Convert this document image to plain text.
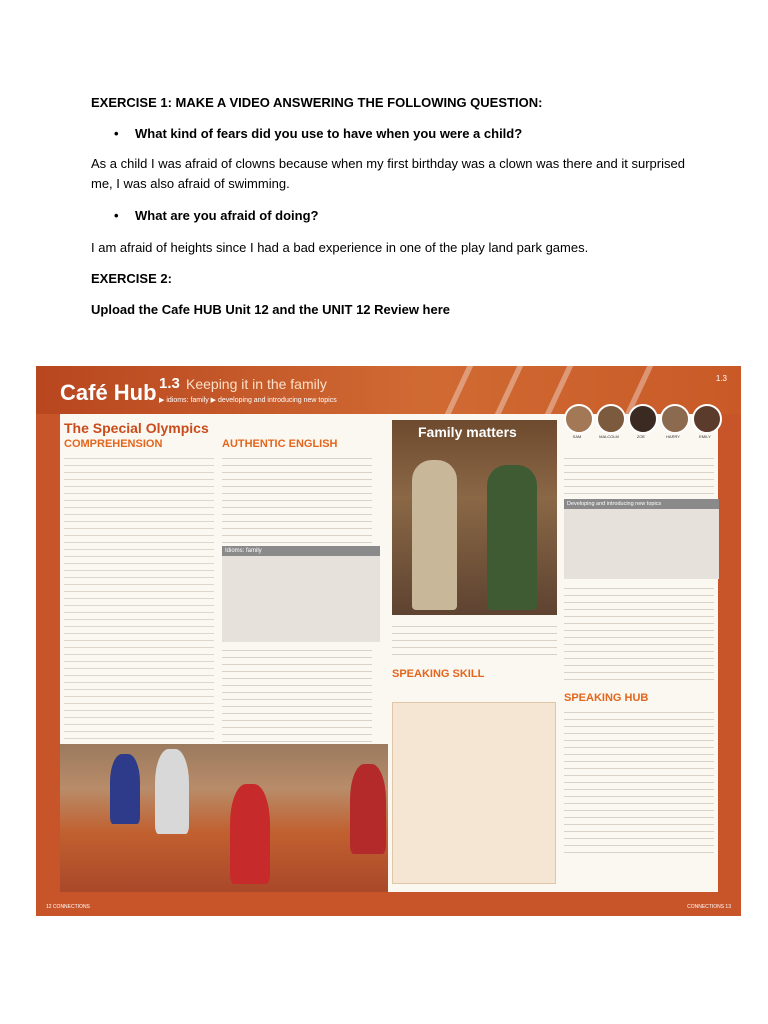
EXERCISE 1: MAKE A VIDEO ANSWERING THE FOLLOWING QUESTION:

•	What kind of fears did you use to have when you were a child?

As a child I was afraid of clowns because when my first birthday was a clown was there and it surprised me, I was also afraid of swimming.

•	What are you afraid of doing?

I am afraid of heights since I had a bad experience in one of the play land park games.

EXERCISE 2:

Upload the Cafe HUB Unit 12 and the UNIT 12 Review here

Café Hub 1.3 Keeping it in the family
▶ idioms: family ▶ developing and introducing new topics
1.3
The Special Olympics
COMPREHENSION	AUTHENTIC ENGLISH
Idioms: family
Family matters	SAM	MALCOLM	ZOE	HARRY	EMILY
Developing and introducing new topics
SPEAKING HUB
SPEAKING SKILL
12 CONNECTIONS	CONNECTIONS 13
